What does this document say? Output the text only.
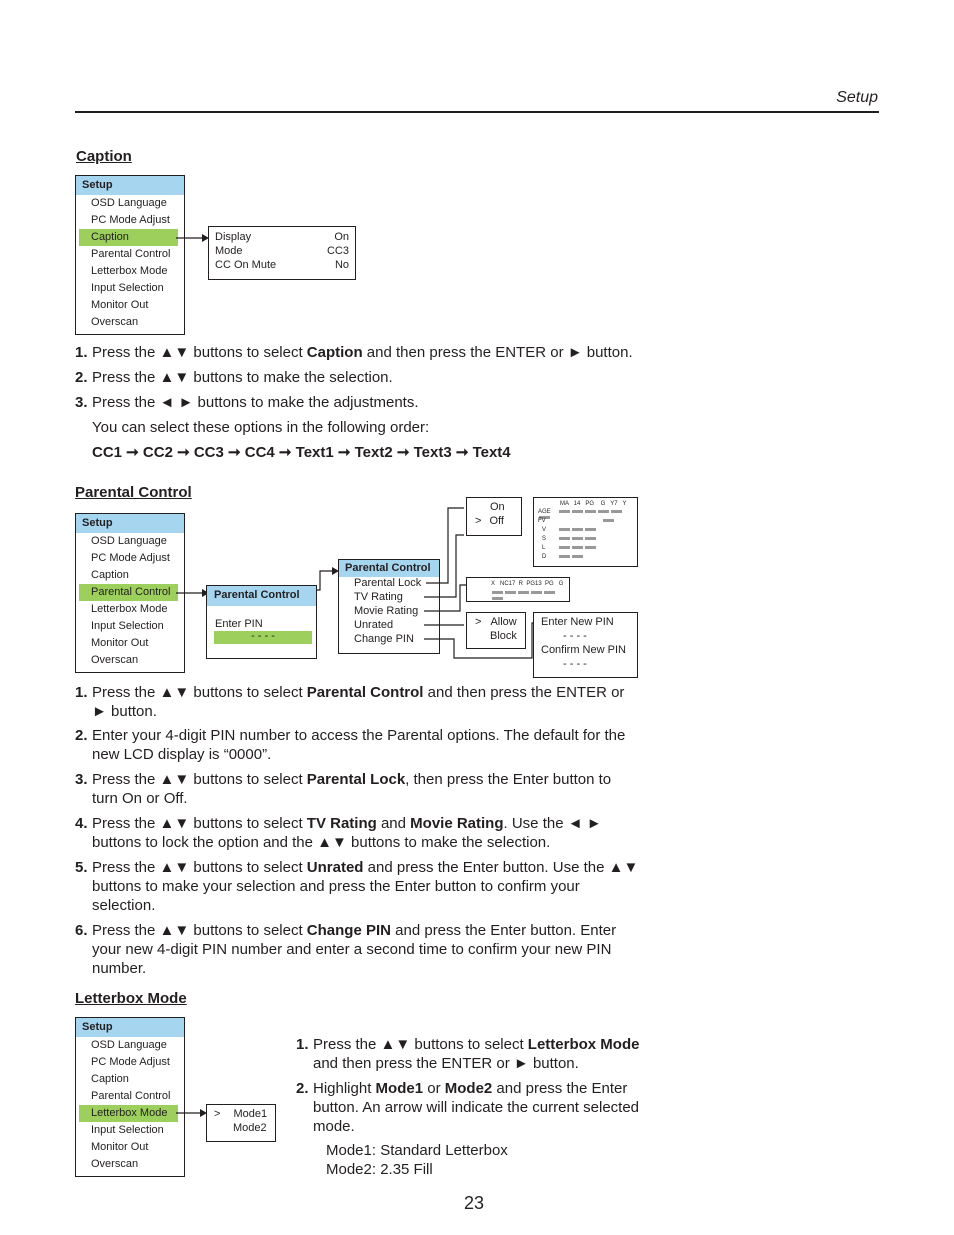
Setup
Caption
Setup
OSD Language
PC Mode Adjust
Caption
Parental Control
Letterbox Mode
Input Selection
Monitor Out
Overscan
Display	On
Mode	CC3
CC On Mute	No
1. Press the ▲▼ buttons to select Caption and then press the ENTER or ► button.
2. Press the ▲▼ buttons to make the selection.
3. Press the ◄ ► buttons to make the adjustments.
You can select these options in the following order:
CC1 ➞ CC2 ➞ CC3 ➞ CC4 ➞ Text1 ➞ Text2 ➞ Text3 ➞ Text4
Parental Control
Setup
OSD Language
PC Mode Adjust
Caption
Parental Control
Letterbox Mode
Input Selection
Monitor Out
Overscan
Parental Control
Enter PIN
- - - -
Parental Control
Parental Lock
TV Rating
Movie Rating
Unrated
Change PIN
On
> Off
MA   14   PG    G   Y7   Y
AGE
FV
V
S
L
D
X   NC17  R  PG13  PG   G
> Allow
Block
Enter New PIN
- - - -
Confirm New PIN
- - - -
1. Press the ▲▼ buttons to select Parental Control and then press the ENTER or
► button.
2. Enter your 4-digit PIN number to access the Parental options. The default for the
new LCD display is “0000”.
3. Press the ▲▼ buttons to select Parental Lock, then press the Enter button to
turn On or Off.
4. Press the ▲▼ buttons to select TV Rating and Movie Rating. Use the ◄ ►
buttons to lock the option and the ▲▼ buttons to make the selection.
5. Press the ▲▼ buttons to select Unrated and press the Enter button. Use the ▲▼
buttons to make your selection and press the Enter button to confirm your
selection.
6. Press the ▲▼ buttons to select Change PIN and press the Enter button. Enter
your new 4-digit PIN number and enter a second time to confirm your new PIN
number.
Letterbox Mode
Setup
OSD Language
PC Mode Adjust
Caption
Parental Control
Letterbox Mode
Input Selection
Monitor Out
Overscan
> Mode1
Mode2
1. Press the ▲▼ buttons to select Letterbox Mode
and then press the ENTER or ► button.
2. Highlight Mode1 or Mode2 and press the Enter
button. An arrow will indicate the current selected
mode.
Mode1: Standard Letterbox
Mode2: 2.35 Fill
23
